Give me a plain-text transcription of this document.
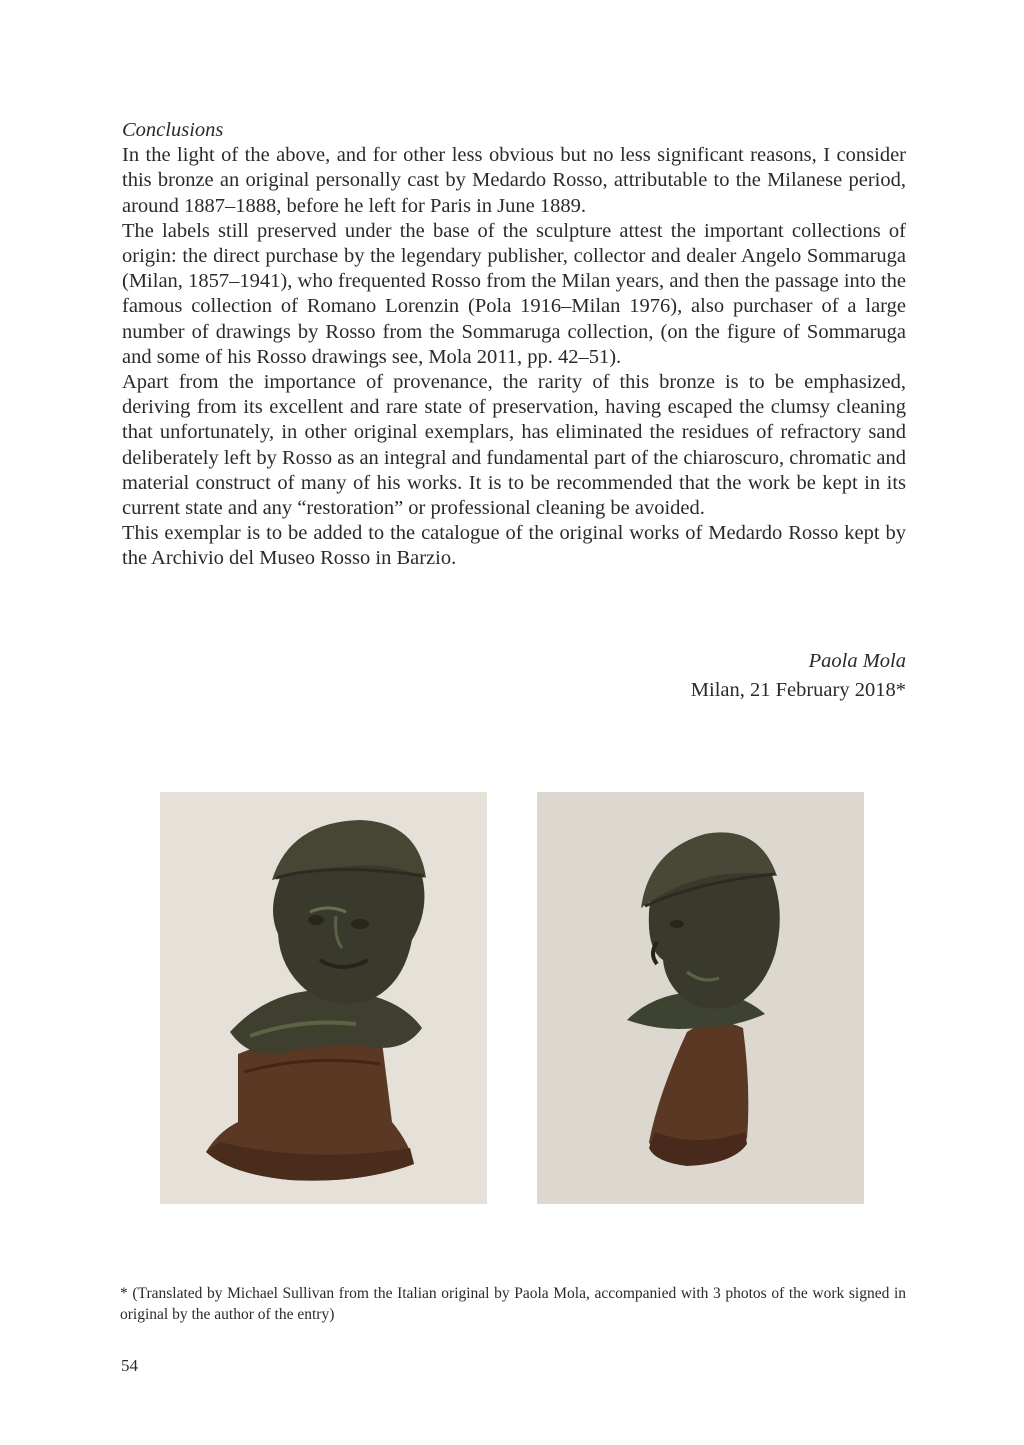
Conclusions

In the light of the above, and for other less obvious but no less significant reasons, I consider this bronze an original personally cast by Medardo Rosso, attributable to the Milanese period, around 1887–1888, before he left for Paris in June 1889.

The labels still preserved under the base of the sculpture attest the important collections of origin: the direct purchase by the legendary publisher, collector and dealer Angelo Sommaruga (Milan, 1857–1941), who frequented Rosso from the Milan years, and then the passage into the famous collection of Romano Lorenzin (Pola 1916–Milan 1976), also purchaser of a large number of drawings by Rosso from the Sommaruga collection, (on the figure of Sommaruga and some of his Rosso drawings see, Mola 2011, pp. 42–51).

Apart from the importance of provenance, the rarity of this bronze is to be emphasized, deriving from its excellent and rare state of preservation, having escaped the clumsy cleaning that unfortunately, in other original exemplars, has eliminated the residues of refractory sand deliberately left by Rosso as an integral and fundamental part of the chiaroscuro, chromatic and material construct of many of his works. It is to be recommended that the work be kept in its current state and any “restoration” or professional cleaning be avoided.

This exemplar is to be added to the catalogue of the original works of Medardo Rosso kept by the Archivio del Museo Rosso in Barzio.

Paola Mola
Milan, 21 February 2018*
* (Translated by Michael Sullivan from the Italian original by Paola Mola, accompanied with 3 photos of the work signed in original by the author of the entry)
54
